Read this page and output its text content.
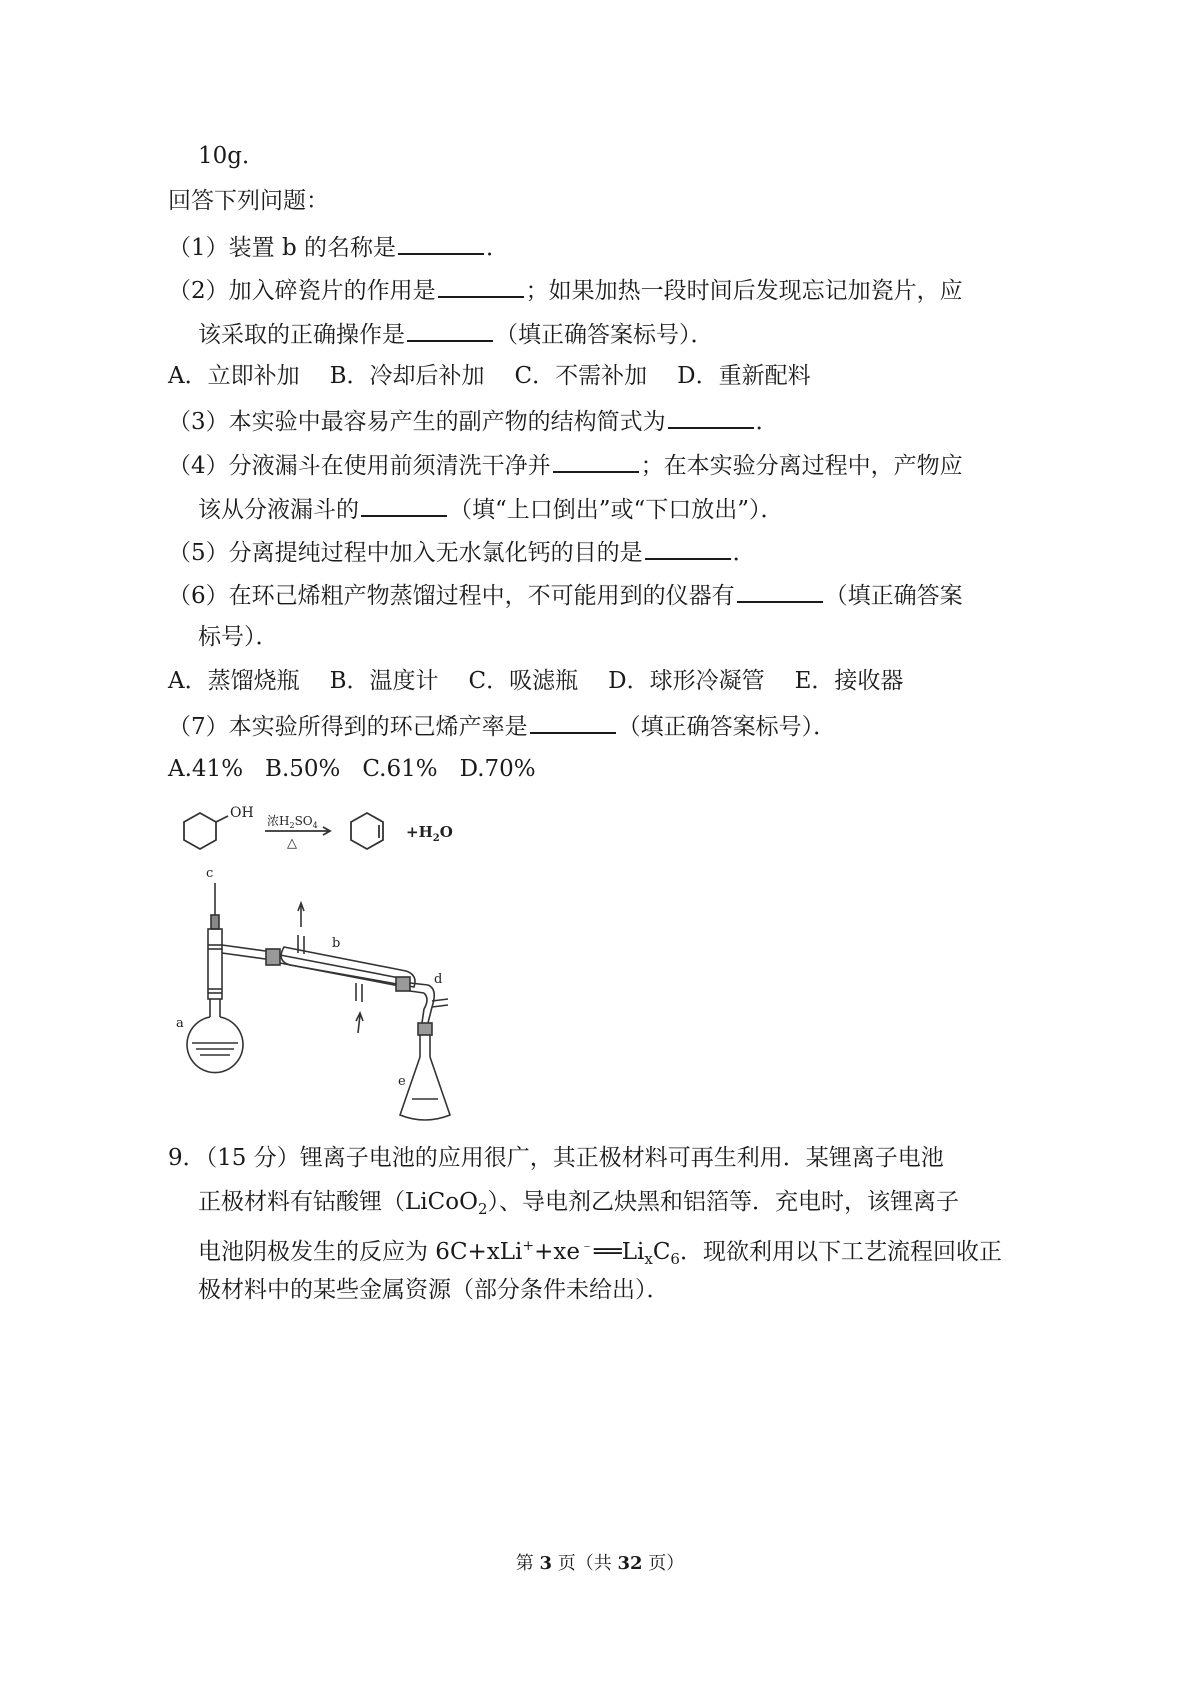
10g．
回答下列问题：
（1）装置 b 的名称是	．
（2）加入碎瓷片的作用是	；如果加热一段时间后发现忘记加瓷片，应
该采取的正确操作是	（填正确答案标号）．
A．立即补加 B．冷却后补加 C．不需补加 D．重新配料
（3）本实验中最容易产生的副产物的结构简式为	．
（4）分液漏斗在使用前须清洗干净并	；在本实验分离过程中，产物应
该从分液漏斗的	（填“上口倒出”或“下口放出”）．
（5）分离提纯过程中加入无水氯化钙的目的是	．
（6）在环己烯粗产物蒸馏过程中，不可能用到的仪器有	（填正确答案
标号）．
A．蒸馏烧瓶 B．温度计 C．吸滤瓶 D．球形冷凝管 E．接收器
（7）本实验所得到的环己烯产率是	（填正确答案标号）．
A.41% B.50% C.61% D.70%
OH 浓$H_2SO_4$
△
$+H_2O$
c
a
b
d
e
9．（15 分）锂离子电池的应用很广，其正极材料可再生利用．某锂离子电池
正极材料有钴酸锂（LiCoO$_2$）、导电剂乙炔黑和铝箔等．充电时，该锂离子
电池阴极发生的反应为 $6C+xLi^++xe^﹣══Li_xC_6$．现欲利用以下工艺流程回收正
极材料中的某些金属资源（部分条件未给出）．
第 3 页（共 32 页）
